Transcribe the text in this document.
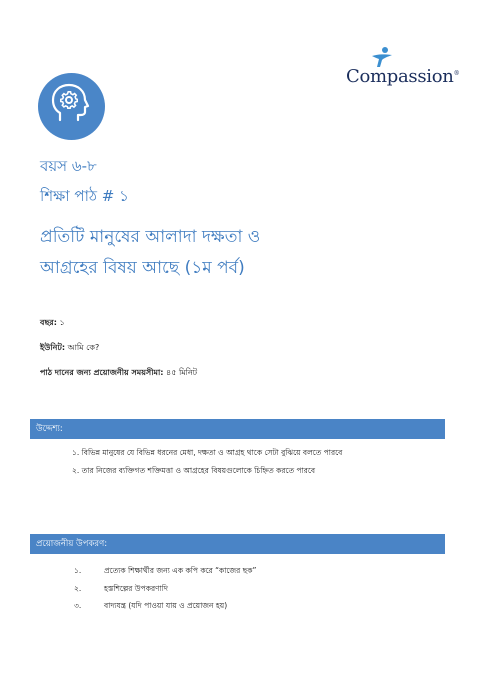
Compassion®

বয়স ৬-৮

শিক্ষা পাঠ # ১

প্রতিটি মানুষের আলাদা দক্ষতা ও

আগ্রহের বিষয় আছে (১ম পর্ব)

বছর: ১

ইউনিট: আমি কে?

পাঠ দানের জন্য প্রয়োজনীয় সময়সীমা: ৪৫ মিনিট

উদ্দেশ্য:

১. বিভিন্ন মানুষের যে বিভিন্ন ধরনের মেধা, দক্ষতা ও আগ্রহ থাকে সেটা বুঝিয়ে বলতে পারবে

২. তার নিজের ব্যক্তিগত শক্তিমত্তা ও আগ্রহের বিষয়গুলোকে চিহ্নিত করতে পারবে

প্রয়োজনীয় উপকরণ:
১.	প্রত্যেক শিক্ষার্থীর জন্য এক কপি করে “কাজের ছক”
২.	হস্তশিল্পের উপকরণাদি
৩.	বাদ্যযন্ত্র (যদি পাওয়া যায় ও প্রয়োজন হয়)
